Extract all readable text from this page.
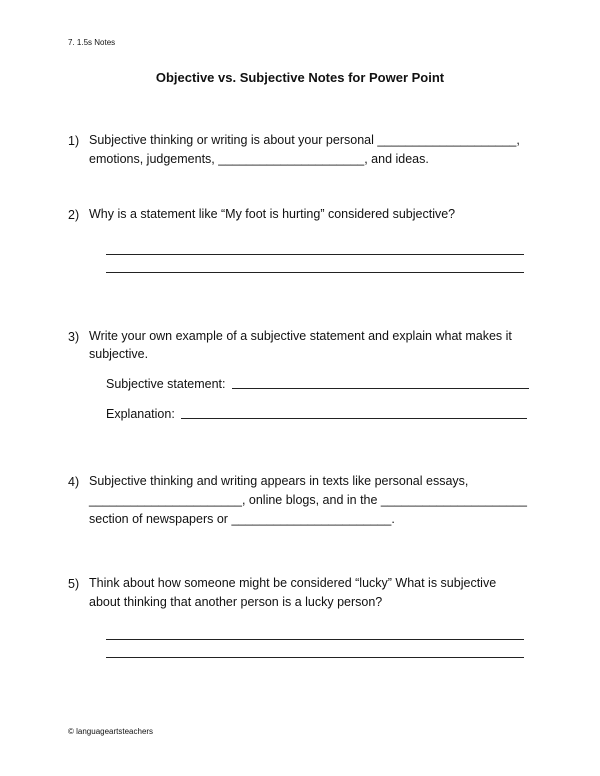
7. 1.5s Notes
Objective vs. Subjective Notes for Power Point
1) Subjective thinking or writing is about your personal ____________________,
emotions, judgements, _____________________, and ideas.
2) Why is a statement like “My foot is hurting” considered subjective?
3) Write your own example of a subjective statement and explain what makes it
subjective.
Subjective statement:
Explanation:
4) Subjective thinking and writing appears in texts like personal essays,
______________________, online blogs, and in the _____________________
section of newspapers or _______________________.
5) Think about how someone might be considered “lucky” What is subjective
about thinking that another person is a lucky person?
© languageartsteachers
